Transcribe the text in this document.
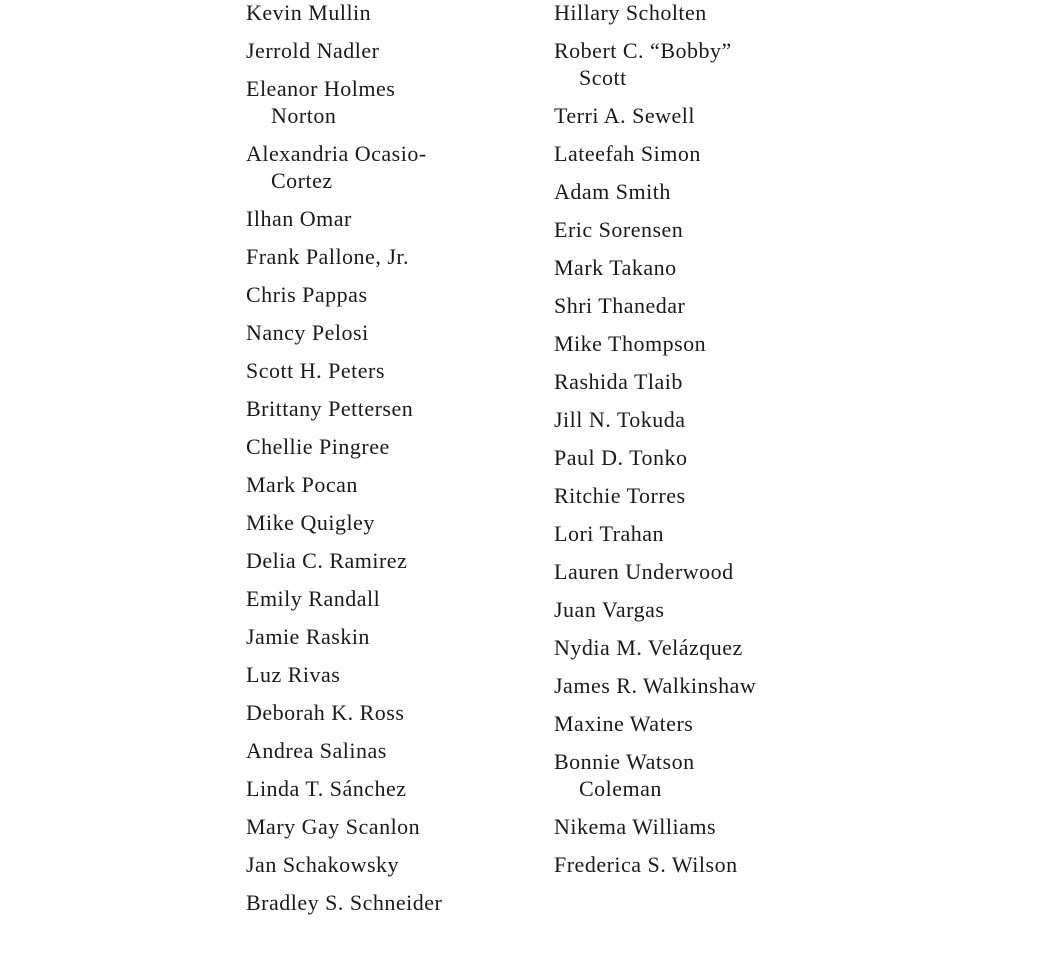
Kevin Mullin
Jerrold Nadler
Eleanor Holmes
Norton
Alexandria Ocasio-
Cortez
Ilhan Omar
Frank Pallone, Jr.
Chris Pappas
Nancy Pelosi
Scott H. Peters
Brittany Pettersen
Chellie Pingree
Mark Pocan
Mike Quigley
Delia C. Ramirez
Emily Randall
Jamie Raskin
Luz Rivas
Deborah K. Ross
Andrea Salinas
Linda T. Sánchez
Mary Gay Scanlon
Jan Schakowsky
Bradley S. Schneider
Hillary Scholten
Robert C. “Bobby”
Scott
Terri A. Sewell
Lateefah Simon
Adam Smith
Eric Sorensen
Mark Takano
Shri Thanedar
Mike Thompson
Rashida Tlaib
Jill N. Tokuda
Paul D. Tonko
Ritchie Torres
Lori Trahan
Lauren Underwood
Juan Vargas
Nydia M. Velázquez
James R. Walkinshaw
Maxine Waters
Bonnie Watson
Coleman
Nikema Williams
Frederica S. Wilson
